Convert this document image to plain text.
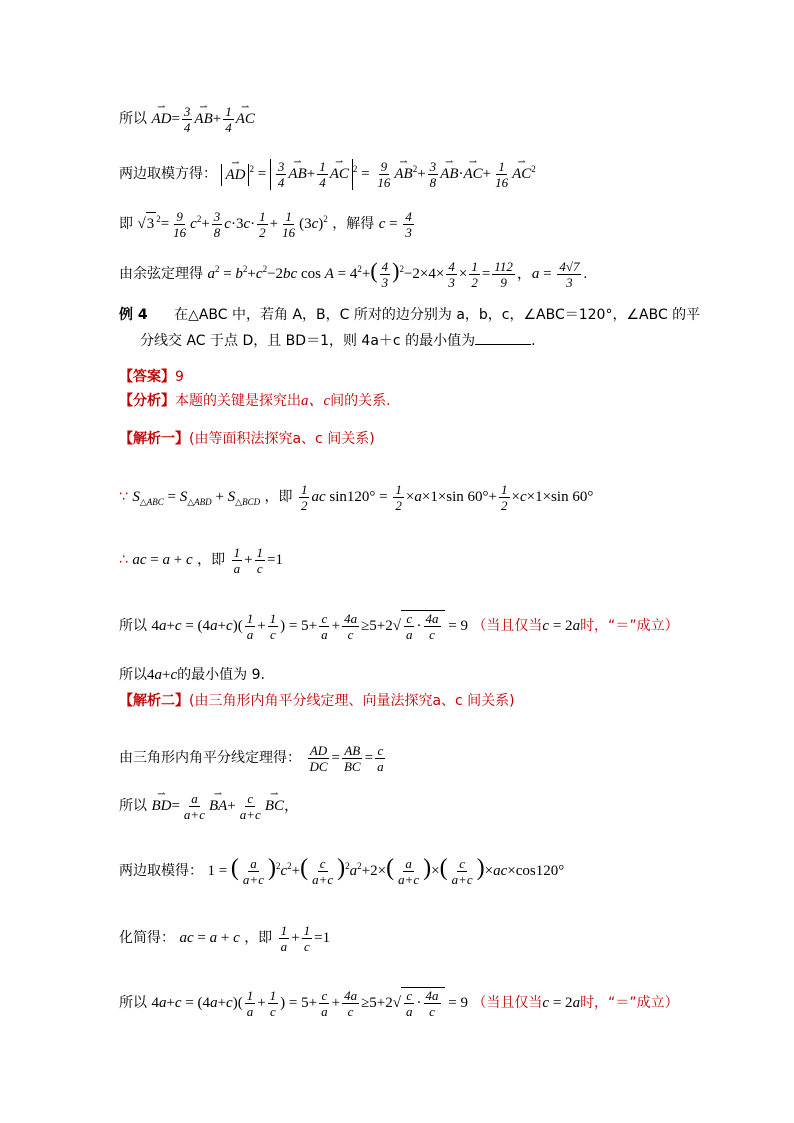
所以 ⇀ $AD= \frac{3}{4}$ ⇀ $AB+ \frac{1}{4}$ ⇀ AC
两边取模方得： ⇀ AD $^2 = \frac{3}{4}$ ⇀ $AB+ \frac{1}{4}$ ⇀ AC $^2 = \frac{9}{16}$ ⇀ $AB^2+ \frac{3}{8}$ ⇀ AB·⇀ $AC+ \frac{1}{16}$ ⇀ $AC^2$
即 √3 $^2= \frac{9}{16} c^2+ \frac{3}{8} c\cdot 3c\cdot \frac{1}{2} + \frac{1}{16} (3c)^2$ ，解得 $c = \frac{4}{3}$
由余弦定理得 $a^2 = b^2+c^2-2bc$ $\cos A = 4^2+( \frac{4}{3} )^2-2\times 4\times \frac{4}{3} \times \frac{1}{2} = \frac{112}{9}$ ，$a = \frac{4√7}{3}$ .
例 4 在△ABC 中，若角 A，B，C 所对的边分别为 a，b，c，∠ABC＝120°，∠ABC 的平
分线交 AC 于点 D，且 BD＝1，则 4a＋c 的最小值为	.
【答案】9
【分析】本题的关键是探究出a、c间的关系.
【解析一】(由等面积法探究a、c 间关系)
∵ $S_{\triangle ABC} = S_{\triangle ABD} + S_{\triangle BCD}$ ，即 $\frac{1}{2}$ ac $\sin 120^\circ = \frac{1}{2} \times a\times 1\times\sin$ $60^\circ+ \frac{1}{2} \times c\times 1\times\sin$ 60°
∴ ac = a + c ，即 $\frac{1}{a} + \frac{1}{c} =1$
所以 $4a+c = (4a+c)( \frac{1}{a} + \frac{1}{c}$ ) = $5+ \frac{c}{a} + \frac{4a}{c} \ge 5+2√ \frac{c}{a} \cdot \frac{4a}{c} = 9$ （当且仅当c = 2a时，“＝”成立）
所以4a+c的最小值为 9.
【解析二】(由三角形内角平分线定理、向量法探究a、c 间关系)
由三角形内角平分线定理得： $\frac{AD}{DC} = \frac{AB}{BC} = \frac{c}{a}$
所以 ⇀ $BD= \frac{a}{a+c}$ ⇀ $BA+ \frac{c}{a+c}$ ⇀ BC，
两边取模得： 1 = ( $\frac{a}{a+c} )^2c^2+( \frac{c}{a+c} )^2a^2+2\times( \frac{a}{a+c}$ )×( $\frac{c}{a+c} )\times ac\times\cos 120^\circ$
化简得： ac = a + c ，即 $\frac{1}{a} + \frac{1}{c} =1$
所以 $4a+c = (4a+c)( \frac{1}{a} + \frac{1}{c}$ ) = $5+ \frac{c}{a} + \frac{4a}{c} \ge 5+2√ \frac{c}{a} \cdot \frac{4a}{c} = 9$ （当且仅当c = 2a时，“＝”成立）
